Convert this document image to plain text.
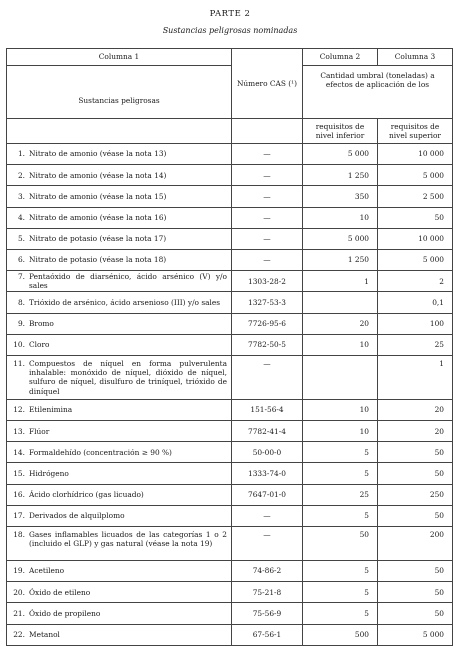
PARTE 2
Sustancias peligrosas nominadas
Columna 1	Número CAS (¹)	Columna 2	Columna 3
		Cantidad umbral (toneladas) a efectos de aplicación de los	
Sustancias peligrosas			
		requisitos de nivel inferior	requisitos de nivel superior

1. Nitrato de amonio (véase la nota 13)	—	5 000	10 000

2. Nitrato de amonio (véase la nota 14)	—	1 250	5 000

3. Nitrato de amonio (véase la nota 15)	—	350	2 500

4. Nitrato de amonio (véase la nota 16)	—	10	50

5. Nitrato de potasio (véase la nota 17)	—	5 000	10 000

6. Nitrato de potasio (véase la nota 18)	—	1 250	5 000

7. Pentaóxido de diarsénico, ácido arsénico (V) y/o sales	1303-28-2	1	2

8. Trióxido de arsénico, ácido arsenioso (III) y/o sales	1327-53-3		0,1

9. Bromo	7726-95-6	20	100

10. Cloro	7782-50-5	10	25

11. Compuestos de níquel en forma pulverulenta inhalable: monóxido de níquel, dióxido de níquel, sulfuro de níquel, disulfuro de triníquel, trióxido de diníquel	—		1

12. Etilenimina	151-56-4	10	20

13. Flúor	7782-41-4	10	20

14. Formaldehído (concentración ≥ 90 %)	50-00-0	5	50

15. Hidrógeno	1333-74-0	5	50

16. Ácido clorhídrico (gas licuado)	7647-01-0	25	250

17. Derivados de alquilplomo	—	5	50

18. Gases inflamables licuados de las categorías 1 o 2 (incluido el GLP) y gas natural (véase la nota 19)	—	50	200

19. Acetileno	74-86-2	5	50

20. Óxido de etileno	75-21-8	5	50

21. Óxido de propileno	75-56-9	5	50

22. Metanol	67-56-1	500	5 000
